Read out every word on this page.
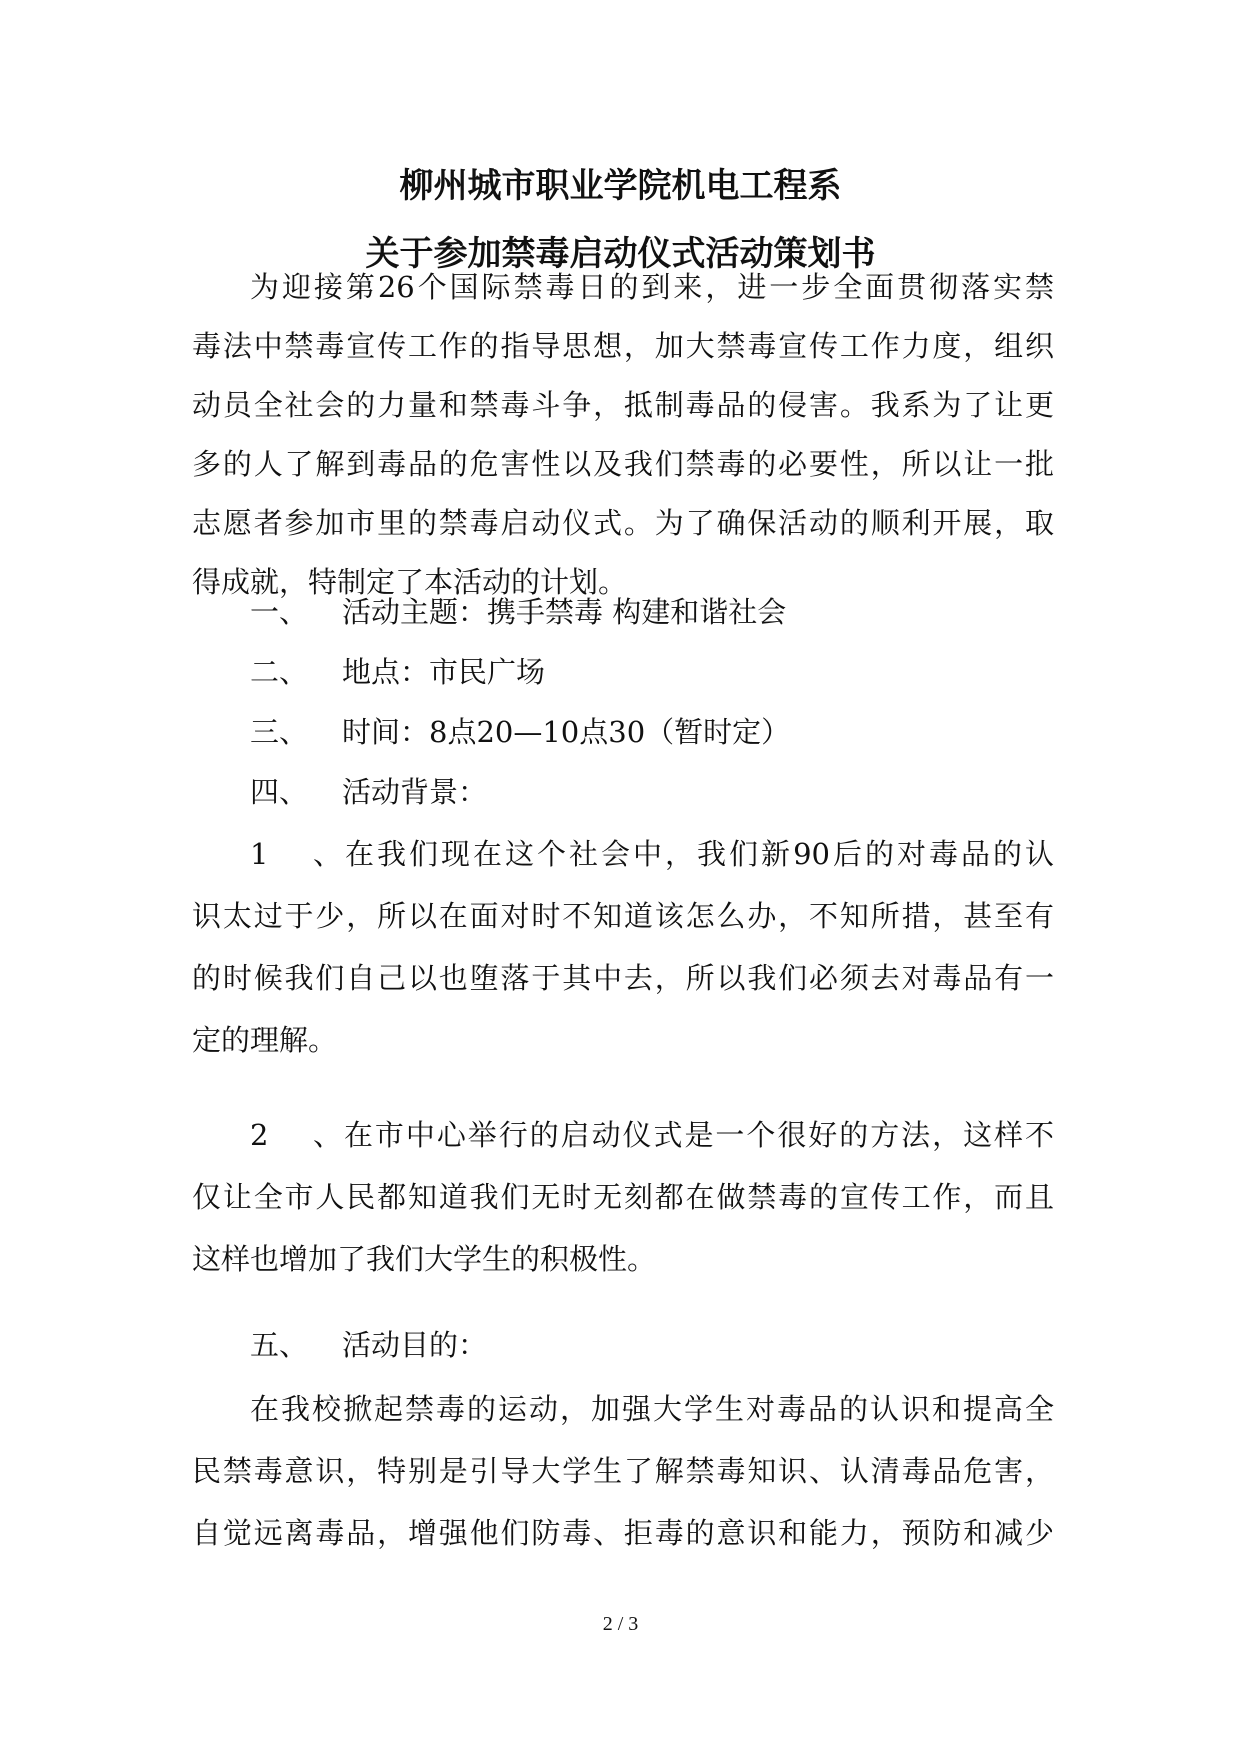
柳州城市职业学院机电工程系
关于参加禁毒启动仪式活动策划书
为迎接第26个国际禁毒日的到来，进一步全面贯彻落实禁
毒法中禁毒宣传工作的指导思想，加大禁毒宣传工作力度，组织
动员全社会的力量和禁毒斗争，抵制毒品的侵害。我系为了让更
多的人了解到毒品的危害性以及我们禁毒的必要性，所以让一批
志愿者参加市里的禁毒启动仪式。为了确保活动的顺利开展，取
得成就，特制定了本活动的计划。
一、 活动主题：携手禁毒 构建和谐社会
二、 地点：市民广场
三、 时间：8点20—10点30（暂时定）
四、 活动背景：
1、在我们现在这个社会中，我们新90后的对毒品的认
识太过于少，所以在面对时不知道该怎么办，不知所措，甚至有
的时候我们自己以也堕落于其中去，所以我们必须去对毒品有一
定的理解。
2、在市中心举行的启动仪式是一个很好的方法，这样不
仅让全市人民都知道我们无时无刻都在做禁毒的宣传工作，而且
这样也增加了我们大学生的积极性。
五、 活动目的：
在我校掀起禁毒的运动，加强大学生对毒品的认识和提高全
民禁毒意识，特别是引导大学生了解禁毒知识、认清毒品危害，
自觉远离毒品，增强他们防毒、拒毒的意识和能力，预防和减少
2 / 3
